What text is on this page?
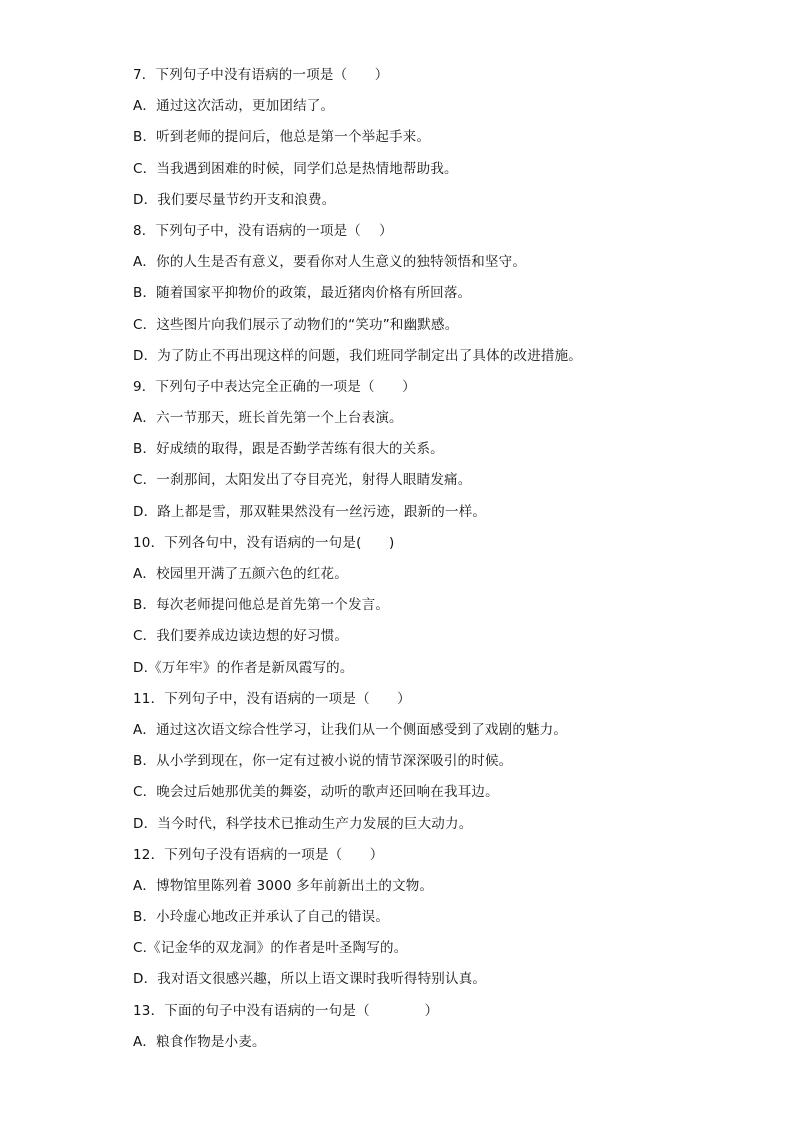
7．下列句子中没有语病的一项是（　　）
A．通过这次活动，更加团结了。
B．听到老师的提问后，他总是第一个举起手来。
C．当我遇到困难的时候，同学们总是热情地帮助我。
D．我们要尽量节约开支和浪费。
8．下列句子中，没有语病的一项是（　 ）
A．你的人生是否有意义，要看你对人生意义的独特领悟和坚守。
B．随着国家平抑物价的政策，最近猪肉价格有所回落。
C．这些图片向我们展示了动物们的“笑功”和幽默感。
D．为了防止不再出现这样的问题，我们班同学制定出了具体的改进措施。
9．下列句子中表达完全正确的一项是（　　）
A．六一节那天，班长首先第一个上台表演。
B．好成绩的取得，跟是否勤学苦练有很大的关系。
C．一刹那间，太阳发出了夺目亮光，射得人眼睛发痛。
D．路上都是雪，那双鞋果然没有一丝污迹，跟新的一样。
10．下列各句中，没有语病的一句是(　　)
A．校园里开满了五颜六色的红花。
B．每次老师提问他总是首先第一个发言。
C．我们要养成边读边想的好习惯。
D.《万年牢》的作者是新凤霞写的。
11．下列句子中，没有语病的一项是（　　）
A．通过这次语文综合性学习，让我们从一个侧面感受到了戏剧的魅力。
B．从小学到现在，你一定有过被小说的情节深深吸引的时候。
C．晚会过后她那优美的舞姿，动听的歌声还回响在我耳边。
D．当今时代，科学技术已推动生产力发展的巨大动力。
12．下列句子没有语病的一项是（　　）
A．博物馆里陈列着 3000 多年前新出土的文物。
B．小玲虚心地改正并承认了自己的错误。
C.《记金华的双龙洞》的作者是叶圣陶写的。
D．我对语文很感兴趣，所以上语文课时我听得特别认真。
13．下面的句子中没有语病的一句是（　　　　）
A．粮食作物是小麦。
